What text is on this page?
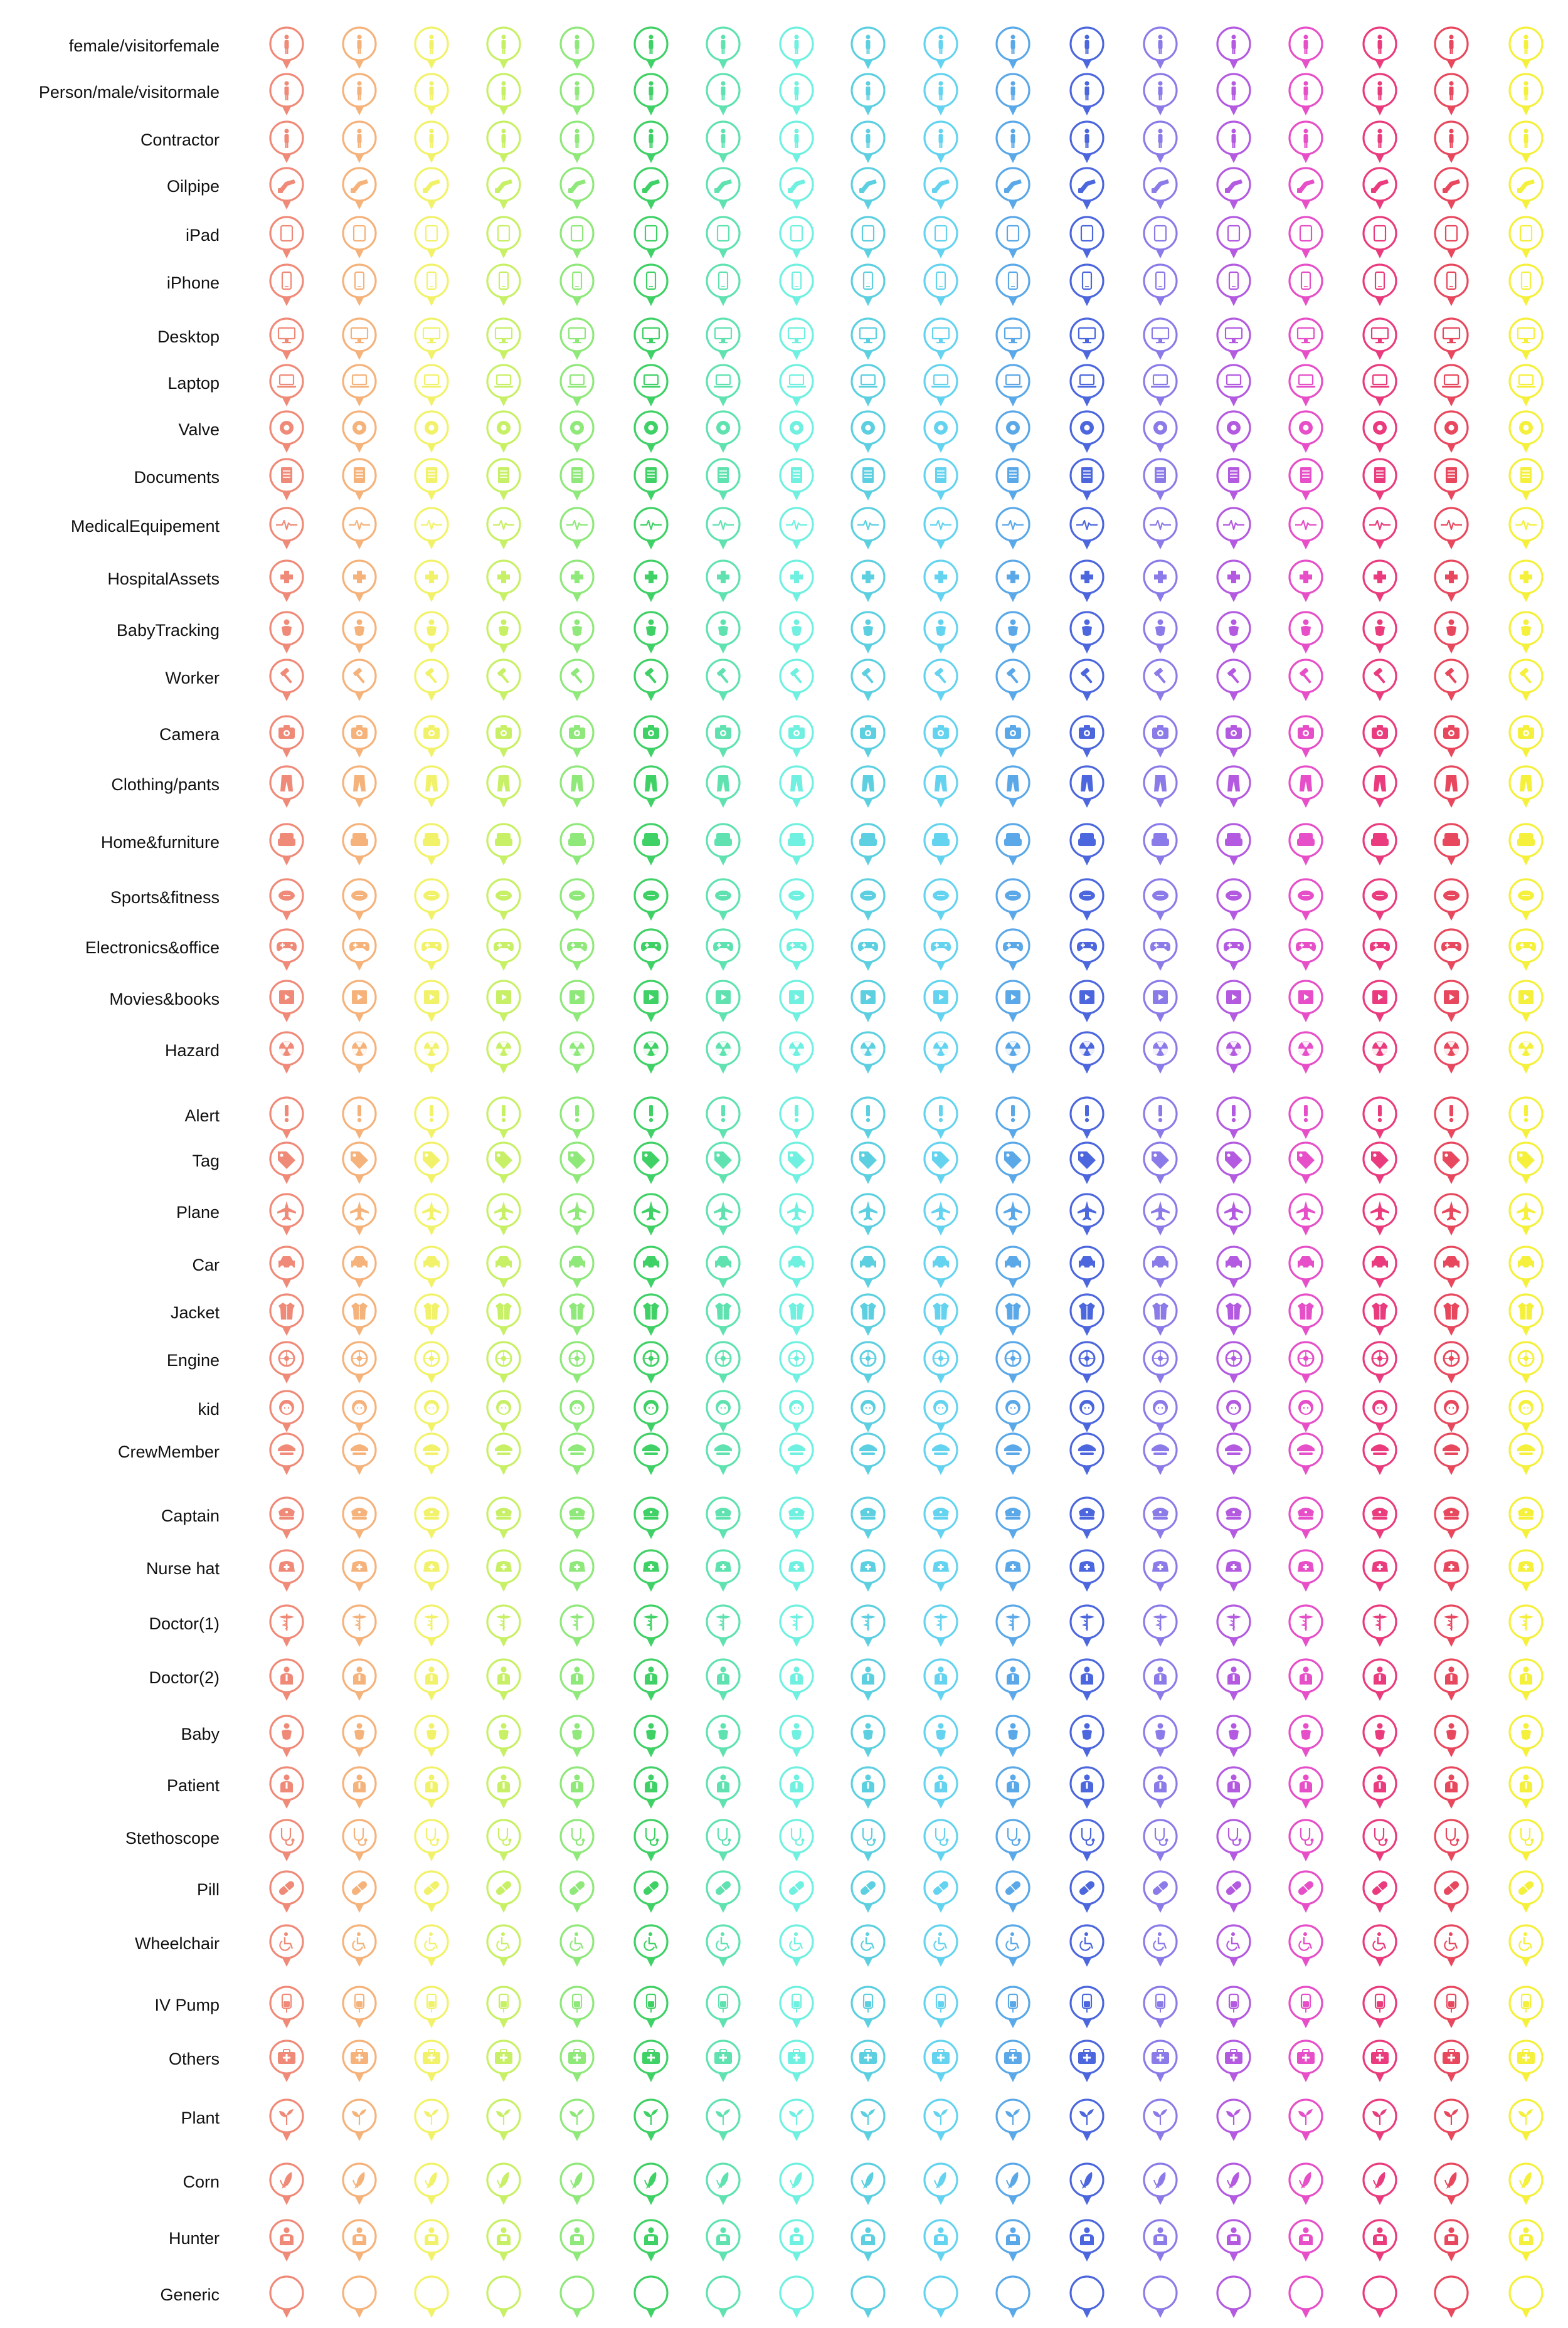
female/visitorfemale
Person/male/visitormale
Contractor
Oilpipe
iPad
iPhone
Desktop
Laptop
Valve
Documents
MedicalEquipement
HospitalAssets
BabyTracking
Worker
Camera
Clothing/pants
Home&furniture
Sports&fitness
Electronics&office
Movies&books
Hazard
Alert
Tag
Plane
Car
Jacket
Engine
kid
CrewMember
Captain
Nurse hat
Doctor(1)
Doctor(2)
Baby
Patient
Stethoscope
Pill
Wheelchair
IV Pump
Others
Plant
Corn
Hunter
Generic
